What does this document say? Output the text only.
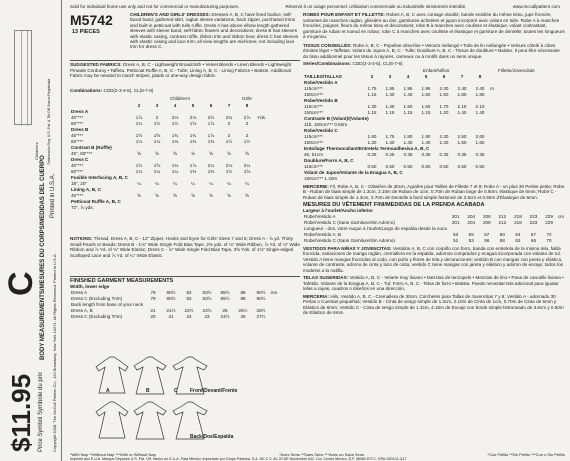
$11.95
C
Price Symbol Symbole du prix
BODY MEASUREMENTS/MESURES DU CORPS/MEDIDAS DEL CUERPO Copyright 2008, The McCall Pattern Co., 120 Broadway, New York 10271. All Rights Reserved. Printed in U.S.A.
Printed in U.S.A.
Trademarks Reg. U.S. Pat. & TM Off. Marca Registrada
Children's
Sold for individual home use only and not for commercial or manufacturing purposes.	Réservé à un usage personnel. Utilisation commerciale ou industrielle strictement interdite.	www.mccallpattern.com
M5742
13 PIECES
CHILDREN'S AND GIRLS' DRESSES: Dresses A, B, C have lined bodice, self-faced band, gathered skirt, raglan sleeve variations, back zipper, purchased trims and built-in petticoat with tulle ruffle. Dress A has above elbow length gathered sleeves with sleeve band, self-fabric flowers and decorations; dress B has sleeves with elastic casing, contrast ruffle, ribbon trim and ribbon bow; dress C has sleeves with elastic casing and lace trim; all view lengths are mid-knee; not including lace trim for dress C.
SUGGESTED FABRICS: Dress A, B, C - Lightweight Broadcloth • Velvet Blends • Linen Blends • Lightweight Pinwale Corduroy • Taffeta. Petticoat Ruffle A, B, C - Tulle; Lining A, B, C - Lining Fabrics • Batiste. Additional Fabric may be needed to match stripes, plaids or one-way design fabric.
Combinations: CDD(2-3-4-5), CL(6-7-8)
Children's	Girls'
	2	3	4	5	6	7	8	
Dress A								
45"***	1⅞	2	2⅛	2⅛	2½	2¾	2⅞	Yds.
60"***	1¼	1½	1½	1⅝	1⅞	2	2	
Dress B								
45"***	1½	1⅝	1¾	1¾	1⅞	2	2	
60"***	1⅛	1¼	1⅓	1⅜	1⅜	1½	1½	
Contrast B (Ruffle)								
45", 60"***	⅝	⅝	⅝	⅝	⅝	⅝	⅝	
Dress C								
45"***	1½	1⅝	1¾	1⅞	2¼	2⅛	2¼	
60"***	1⅛	1¼	1¼	1⅜	1⅜	1½	1⅝	
Fusible Interfacing A, B, C								
18", 20"	¼	¼	¼	¼	¼	¼	¼	
Lining A, B, C								
45"***	⅝	⅝	⅝	⅝	⅝	⅝	⅝	
Petticoat Ruffle A, B, C								
72", ⅞ yds.								
NOTIONS: Thread, Dress A, B, C - 12" Zipper, Hooks and Eyes for Girls' Sizes 7 and 8; Dress A - ⅞ yd. Thirty Small Pearls or Beads; Dress B - 1⅛" Wide Single Fold Bias Tape, 2⅜ yds. of ⅛" Wide Ribbon, ⅞ Yd. of ⅛" Wide Ribbon and ⅞ Yd. of ⅛" Wide Elastic; Dress C - ⅞" Wide Single Fold Bias Tape, 3⅝ Yds. of 1⅛" Single-edged Scalloped Lace and ⅞ Yd. of ¼" Wide Elastic.
FINISHED GARMENT MEASUREMENTS
Width, lower edge
Dress A	79	80½	82	83½	85½	88	90½	ins.
Dress C (Excluding Trim)	79	80½	82	83½	85½	88	90½	
Back length from base of your neck								
Dress A, B	21	21½	22½	23½	25	26½	28½	
Dress C (Excluding Trim)	20	21	22	23	24½	26	27½	
Front/Devant/Frente
Back/Dos/Espalda
A	B	C
ROBES POUR ENFANT ET FILLETTE: Robes A, B, C avec corsage doublé, bande entoilée du même tissu, jupe froncée, variantes de manches raglan, glissière au dos, garnitures achetées et jupon incorporé avec volant en tulle. Robe A à manches froncées, poignet, fleurs du même tissu et décorations; robe B à manches avec coulisse et élastique, volant contrastant, garniture de ruban et noeud en ruban; robe C à manches avec coulisse et élastique et garniture de dentelle; toutes les longueurs à mi-genou.
TISSUS CONSEILLÉS: Robe A, B, C - Popeline ultra-fine • Velours mélangé • Toile de lin mélangée • Velours côtelé à côtes étroites léger • Taffetas. Volant de Jupon A, B, C - Tulle; Doublure A, B, C - Tissus de doublure • Batiste. Il peut être nécessaire du tissu additionnel pour les tissus à rayures, carreaux ou à motifs dans un sens unique.
Séries/Combinaisons: CDD(2-3-4-5), CL(6-7-8)
Enfant/Niños	Fillette/Jovencitas
TAILLES/TALLAS	2	3	4	5	6	7	8	
Robe/Vestido A								
115cm***	1.75	1.85	1.95	1.95	2.30	2.40	2.40	m
150cm***	1.15	1.40	1.40	1.50	1.60	1.80	1.80	
Robe/Vestido B								
115cm***	1.30	1.40	1.50	1.60	1.70	2.10	2.10	
150cm***	1.15	1.15	1.15	1.15	1.20	1.40	1.40	
Contraste B (Volant)/(Volante)								
115, 150cm*** 0.50m								
Robe/Vestido C								
115cm***	1.60	1.75	1.80	1.90	2.30	2.50	2.60	
150cm***	1.30	1.40	1.40	1.40	1.40	1.50	1.60	
Entoilage Thermocollant/Entretela Termoadhesiva A, B, C								
46, 51cm	0.25	0.25	0.35	0.35	0.35	0.35	0.35	
Doublure/Forro A, B, C								
115cm***	0.50	0.50	0.50	0.50	0.50	0.50	0.50	
Volant de Jupon/Volante de la Enagua A, B, C								
180cm*** 1.20m								
MERCERIE: Fil, Robe A, B, C - Glissière de 30cm, Agrafes pour Tailles de Fillette 7 et 8; Robe A - un plus 30 Perles petite; Robe B - Ruban de biais simple de 1.3cm, 2.10m de Ruban de 1cm, 0.70m de Ruban large de 0.60m; élastique de 6mm; Robe C - Ruban de biais simple de 1.3cm, 3.70m de Dentelle à bord simple festonné de 3.8cm et 0.50m d'Élastique de 6mm.
MESURES DU VÊTEMENT FINI/MEDIDAS DE LA PRENDA ACABADA
Largeur à l'ourlet/Ancho inferior
Robe/Vestido A	201	204	208	212	218	223	229	cm
Robe/Vestido C (Sans Garniture/Sin Adorno)	201	204	208	212	218	223	229	
Longueur - dos, votre nuque à l'ourlet/Largo de espalda desde la nuca								
Robe/Vestido A, B	53	55	57	60	64	67	72	
Robe/Vestido C (Sans Garniture/Sin Adorno)	51	53	56	58	62	66	70	
VESTIDOS PARA NIÑAS Y JOVENCITAS: Vestidos A, B, C con corpiño con forro, banda con entretela de la misma tela, falda fruncida, variaciones de manga raglán, cremallera en la espalda, adornos comprados y enagua incorporada con volante de tul. Vestido A tiene mangas fruncidas al codo, con puño y flores de tela y decoraciones; vestido B con mangas con jareta y elástico, volante de contraste, adorno de cinta y lazo de cinta; vestido C tiene mangas con jareta y elástico y adorno de encaje; todos los modelos a la rodilla.
TELAS SUGERIDAS: Vestido A, B, C - Velarte muy liviano • Mezclas de terciopelo • Mezclas de lino • Pana de canutillo liviana • Tafetán. Volante de la Enagua A, B, C - Tul; Forro A, B, C - Telas de forro • Batista. Puede necesitar tela adicional para igualar telas a rayas, cuadros o diseños en una dirección.
MERCERIA: Hilo, Vestido A, B, C - Cremallera de 30cm, Corchetes para Tallas de Jovencitas 7 y 8; Vestido A - adornado 30 Perlas o Cuentas pequeñas; Vestido B - Cinta de sesgo simple de 1.3cm, 2.10m de Cinta de 1cm, 0.70m de Cinta de 6mm y Elástico de 6mm; Vestido C - Cinta de sesgo simple de 1.3cm, 4.15m de Encaje con borde simple festoneado de 3.8cm y 0.50m de Elástico de 6mm.
*With Nap **Without Nap ***With or Without Nap	*Avec Sens **Sans Sens ***Avec ou Sans Sens	*Con Pelillo **Sin Pelillo ***Con o Sin Pelillo
Imprimé aux E.U.A. Marque Déposée U.S. Pat. Off. Hecho en E.U.A. Para México: Importado por Grupo Parisina, S.A. DE C.V. AV 20 DE Noviembre #42. Col. Centro Mexico, D.F. 06060 R.F.C. GPA-930101-Q17
